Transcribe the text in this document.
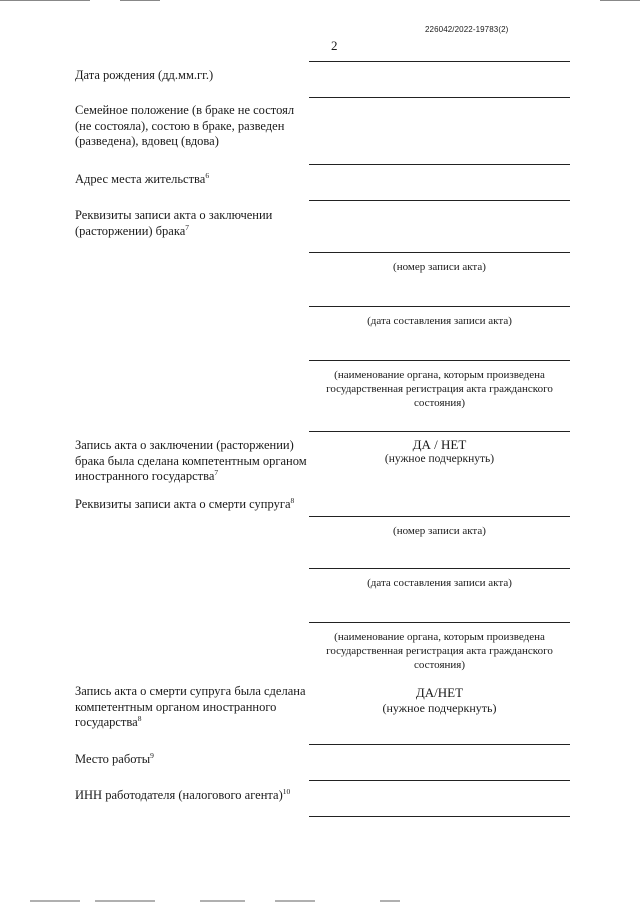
226042/2022-19783(2)
2
Дата рождения (дд.мм.гг.)
Семейное положение (в браке не состоял (не состояла), состою в браке, разведен (разведена), вдовец (вдова)
Адрес места жительства$^6$
Реквизиты записи акта о заключении (расторжении) брака$^7$
(номер записи акта)
(дата составления записи акта)
(наименование органа, которым произведена государственная регистрация акта гражданского состояния)
Запись акта о заключении (расторжении) брака была сделана компетентным органом иностранного государства$^7$
ДА / НЕТ
(нужное подчеркнуть)
Реквизиты записи акта о смерти супруга$^8$
(номер записи акта)
(дата составления записи акта)
(наименование органа, которым произведена государственная регистрация акта гражданского состояния)
Запись акта о смерти супруга была сделана компетентным органом иностранного государства$^8$
ДА/НЕТ
(нужное подчеркнуть)
Место работы$^9$
ИНН работодателя (налогового агента)$^{10}$
